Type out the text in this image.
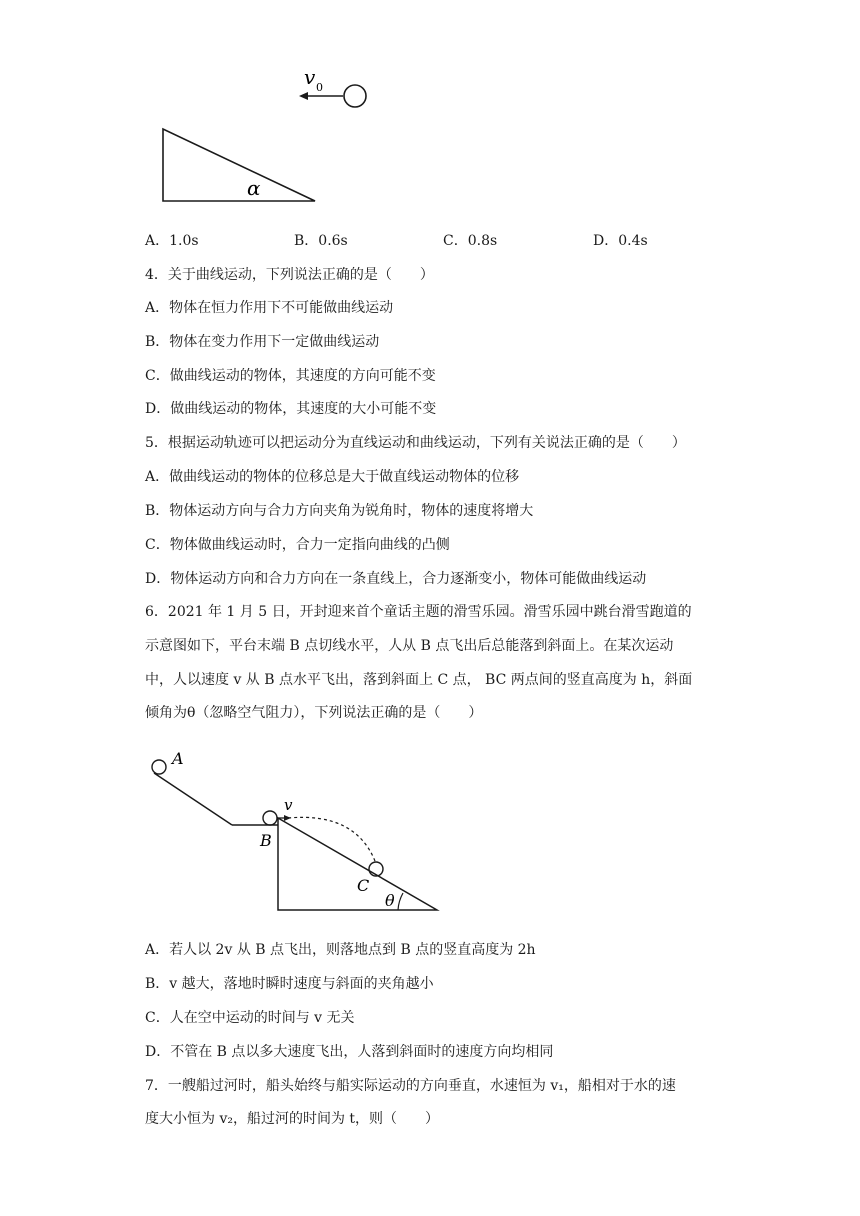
v 0
α
A
v
B
C
θ
A．1.0s	B．0.6s	C．0.8s	D．0.4s
4．关于曲线运动，下列说法正确的是（　　）
A．物体在恒力作用下不可能做曲线运动
B．物体在变力作用下一定做曲线运动
C．做曲线运动的物体，其速度的方向可能不变
D．做曲线运动的物体，其速度的大小可能不变
5．根据运动轨迹可以把运动分为直线运动和曲线运动，下列有关说法正确的是（　　）
A．做曲线运动的物体的位移总是大于做直线运动物体的位移
B．物体运动方向与合力方向夹角为锐角时，物体的速度将增大
C．物体做曲线运动时，合力一定指向曲线的凸侧
D．物体运动方向和合力方向在一条直线上，合力逐渐变小，物体可能做曲线运动
6．2021 年 1 月 5 日，开封迎来首个童话主题的滑雪乐园。滑雪乐园中跳台滑雪跑道的
示意图如下，平台末端 B 点切线水平，人从 B 点飞出后总能落到斜面上。在某次运动
中，人以速度 v 从 B 点水平飞出，落到斜面上 C 点， BC 两点间的竖直高度为 h，斜面
倾角为θ（忽略空气阻力），下列说法正确的是（　　）
A．若人以 2v 从 B 点飞出，则落地点到 B 点的竖直高度为 2h
B．v 越大，落地时瞬时速度与斜面的夹角越小
C．人在空中运动的时间与 v 无关
D．不管在 B 点以多大速度飞出，人落到斜面时的速度方向均相同
7．一艘船过河时，船头始终与船实际运动的方向垂直，水速恒为 v₁，船相对于水的速
度大小恒为 v₂，船过河的时间为 t，则（　　）
